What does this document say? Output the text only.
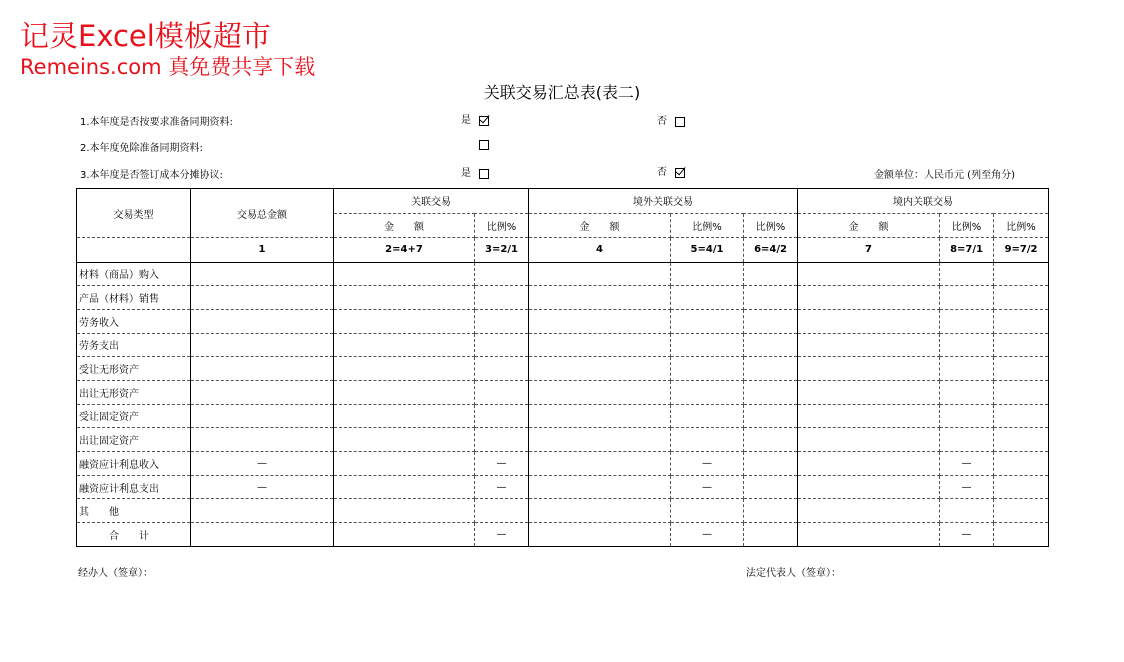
记灵Excel模板超市
Remeins.com 真免费共享下载
关联交易汇总表(表二)
1.本年度是否按要求准备同期资料:	是	否
2.本年度免除准备同期资料:
3.本年度是否签订成本分摊协议:	是	否	金额单位：人民币元 (列至角分)
交易类型	交易总金额	关联交易		境外关联交易			境内关联交易		
		金　　额	比例%	金　　额	比例%	比例%	金　　额	比例%	比例%
	1	2=4+7	3=2/1	4	5=4/1	6=4/2	7	8=7/1	9=7/2
材料（商品）购入									
产品（材料）销售									
劳务收入									
劳务支出									
受让无形资产									
出让无形资产									
受让固定资产									
出让固定资产									
融资应计利息收入	—		—		—			—	
融资应计利息支出	—		—		—			—	
其　　他									
合　　计			—		—			—	
经办人（签章）：	法定代表人（签章）：
